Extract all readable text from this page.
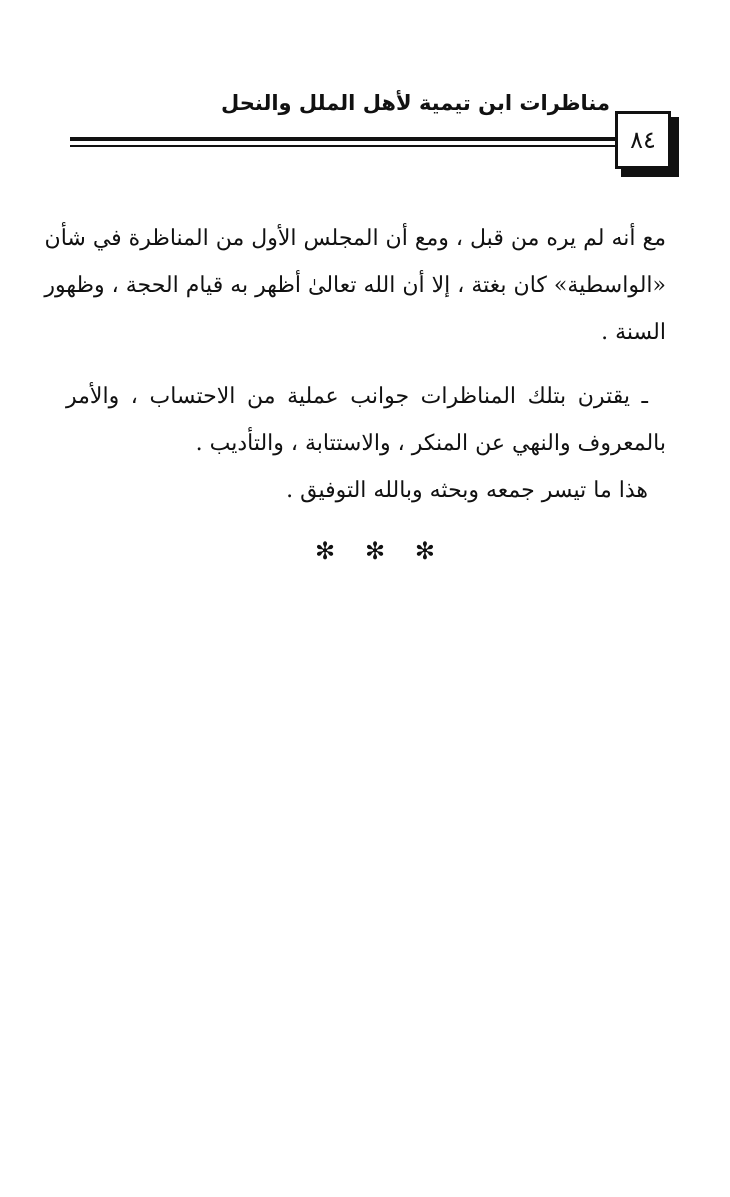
مناظرات ابن تيمية لأهل الملل والنحل
٨٤
مع أنه لم يره من قبل ، ومع أن المجلس الأول من المناظرة في شأن
«الواسطية» كان بغتة ، إلا أن الله تعالىٰ أظهر به قيام الحجة ، وظهور
السنة .
ـ يقترن بتلك المناظرات جوانب عملية من الاحتساب ، والأمر
بالمعروف والنهي عن المنكر ، والاستتابة ، والتأديب .
هذا ما تيسر جمعه وبحثه وبالله التوفيق .
✻ ✻ ✻
